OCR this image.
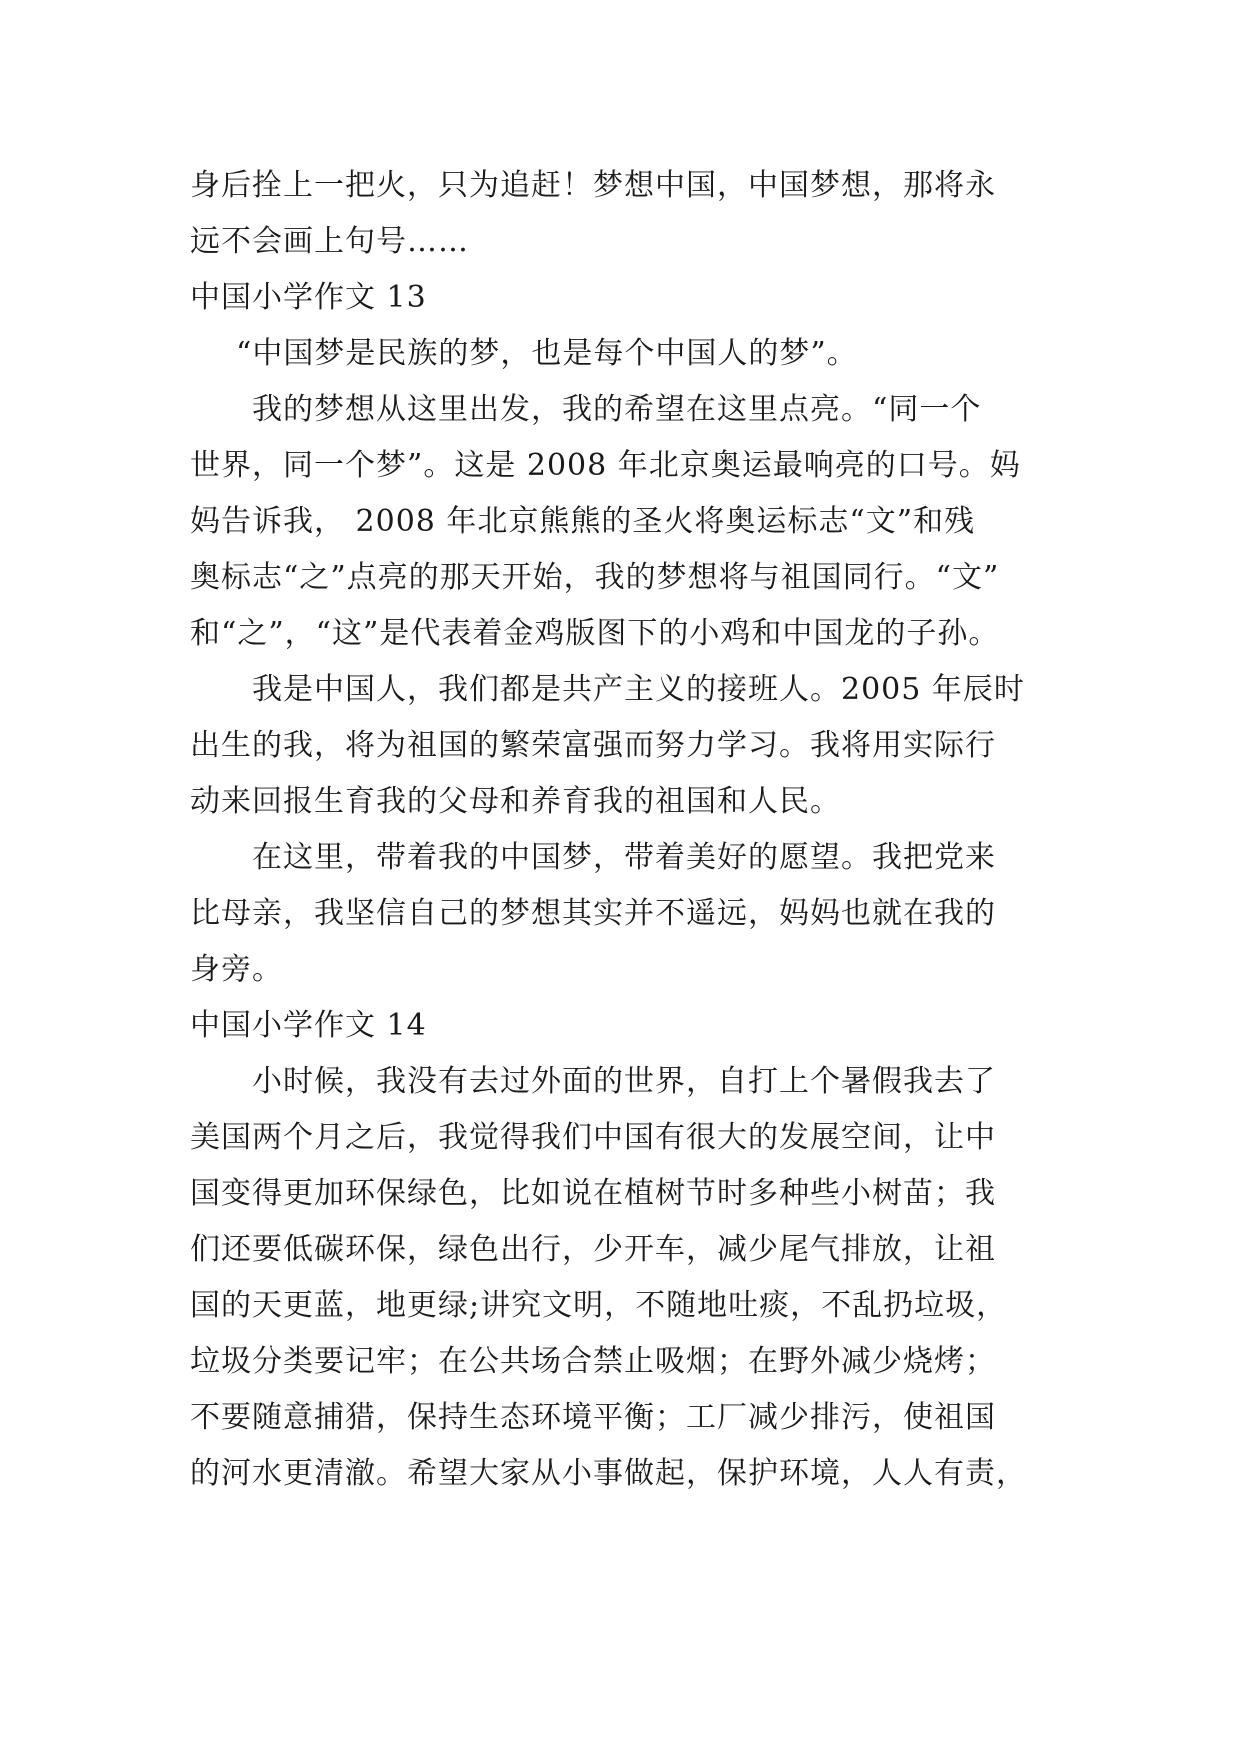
身后拴上一把火，只为追赶！梦想中国，中国梦想，那将永
远不会画上句号……
中国小学作文 13
“中国梦是民族的梦，也是每个中国人的梦”。
我的梦想从这里出发，我的希望在这里点亮。“同一个
世界，同一个梦”。这是 2008 年北京奥运最响亮的口号。妈
妈告诉我， 2008 年北京熊熊的圣火将奥运标志“文”和残
奥标志“之”点亮的那天开始，我的梦想将与祖国同行。“文”
和“之”，“这”是代表着金鸡版图下的小鸡和中国龙的子孙。
我是中国人，我们都是共产主义的接班人。2005 年辰时
出生的我，将为祖国的繁荣富强而努力学习。我将用实际行
动来回报生育我的父母和养育我的祖国和人民。
在这里，带着我的中国梦，带着美好的愿望。我把党来
比母亲，我坚信自己的梦想其实并不遥远，妈妈也就在我的
身旁。
中国小学作文 14
小时候，我没有去过外面的世界，自打上个暑假我去了
美国两个月之后，我觉得我们中国有很大的发展空间，让中
国变得更加环保绿色，比如说在植树节时多种些小树苗；我
们还要低碳环保，绿色出行，少开车，减少尾气排放，让祖
国的天更蓝，地更绿;讲究文明，不随地吐痰，不乱扔垃圾，
垃圾分类要记牢；在公共场合禁止吸烟；在野外减少烧烤；
不要随意捕猎，保持生态环境平衡；工厂减少排污，使祖国
的河水更清澈。希望大家从小事做起，保护环境，人人有责，
